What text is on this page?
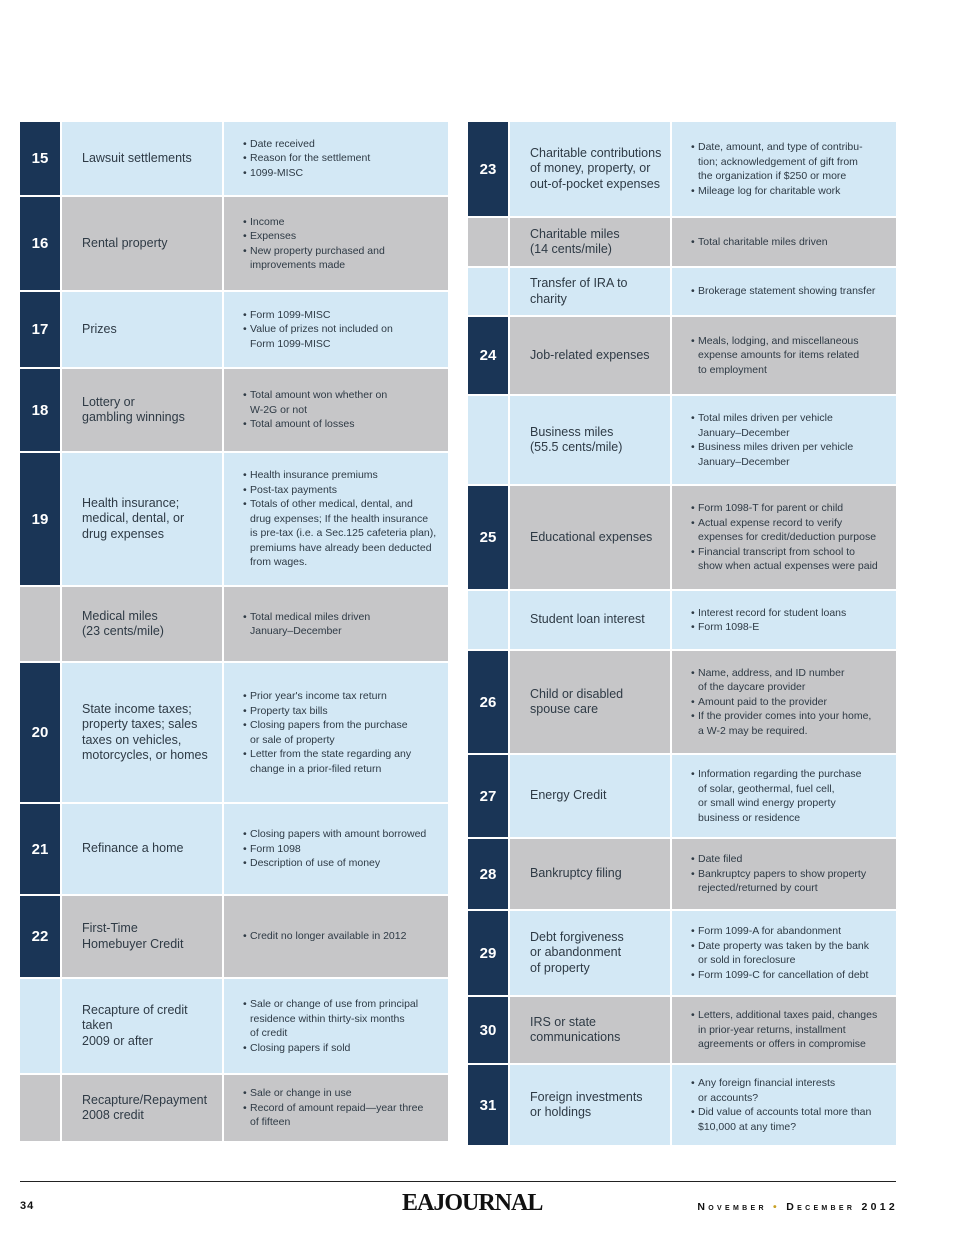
15	Lawsuit settlements
• Date received
• Reason for the settlement
• 1099-MISC
16	Rental property
• Income
• Expenses
• New property purchased and
improvements made
17	Prizes
• Form 1099-MISC
• Value of prizes not included on
Form 1099-MISC
18	Lottery or
gambling winnings
• Total amount won whether on
W-2G or not
• Total amount of losses
19
Health insurance;
medical, dental, or
drug expenses
• Health insurance premiums
• Post-tax payments
• Totals of other medical, dental, and
drug expenses; If the health insurance
is pre-tax (i.e. a Sec.125 cafeteria plan),
premiums have already been deducted
from wages.
Medical miles
(23 cents/mile)
• Total medical miles driven
January–December
20
State income taxes;
property taxes; sales
taxes on vehicles,
motorcycles, or homes
• Prior year's income tax return
• Property tax bills
• Closing papers from the purchase
or sale of property
• Letter from the state regarding any
change in a prior-filed return
21	Refinance a home
• Closing papers with amount borrowed
• Form 1098
• Description of use of money
22	First-Time
Homebuyer Credit
• Credit no longer available in 2012
Recapture of credit taken
2009 or after
• Sale or change of use from principal
residence within thirty-six months
of credit
• Closing papers if sold
Recapture/Repayment
2008 credit
• Sale or change in use
• Record of amount repaid—year three
of fifteen
23
Charitable contributions
of money, property, or
out-of-pocket expenses
• Date, amount, and type of contribu-
tion; acknowledgement of gift from
the organization if $250 or more
• Mileage log for charitable work
Charitable miles
(14 cents/mile)
• Total charitable miles driven
Transfer of IRA to charity
• Brokerage statement showing transfer
24	Job-related expenses
• Meals, lodging, and miscellaneous
expense amounts for items related
to employment
Business miles
(55.5 cents/mile)
• Total miles driven per vehicle
January–December
• Business miles driven per vehicle
January–December
25	Educational expenses
• Form 1098-T for parent or child
• Actual expense record to verify
expenses for credit/deduction purpose
• Financial transcript from school to
show when actual expenses were paid
Student loan interest
•	Interest record for student loans
• Form 1098-E
26	Child or disabled
spouse care
• Name, address, and ID number
of the daycare provider
• Amount paid to the provider
• If the provider comes into your home,
a W-2 may be required.
27	Energy Credit
• Information regarding the purchase
of solar, geothermal, fuel cell,
or small wind energy property
business or residence
28	Bankruptcy filing
• Date filed
• Bankruptcy papers to show property
rejected/returned by court
29
Debt forgiveness
or abandonment
of property
• Form 1099-A for abandonment
• Date property was taken by the bank
or sold in foreclosure
• Form 1099-C for cancellation of debt
30	IRS or state
communications
• Letters, additional taxes paid, changes
in prior-year returns, installment
agreements or offers in compromise
31	Foreign investments
or holdings
• Any foreign financial interests
or accounts?
• Did value of accounts total more than
$10,000 at any time?
34	EAJOURNAL	November • December 2012
